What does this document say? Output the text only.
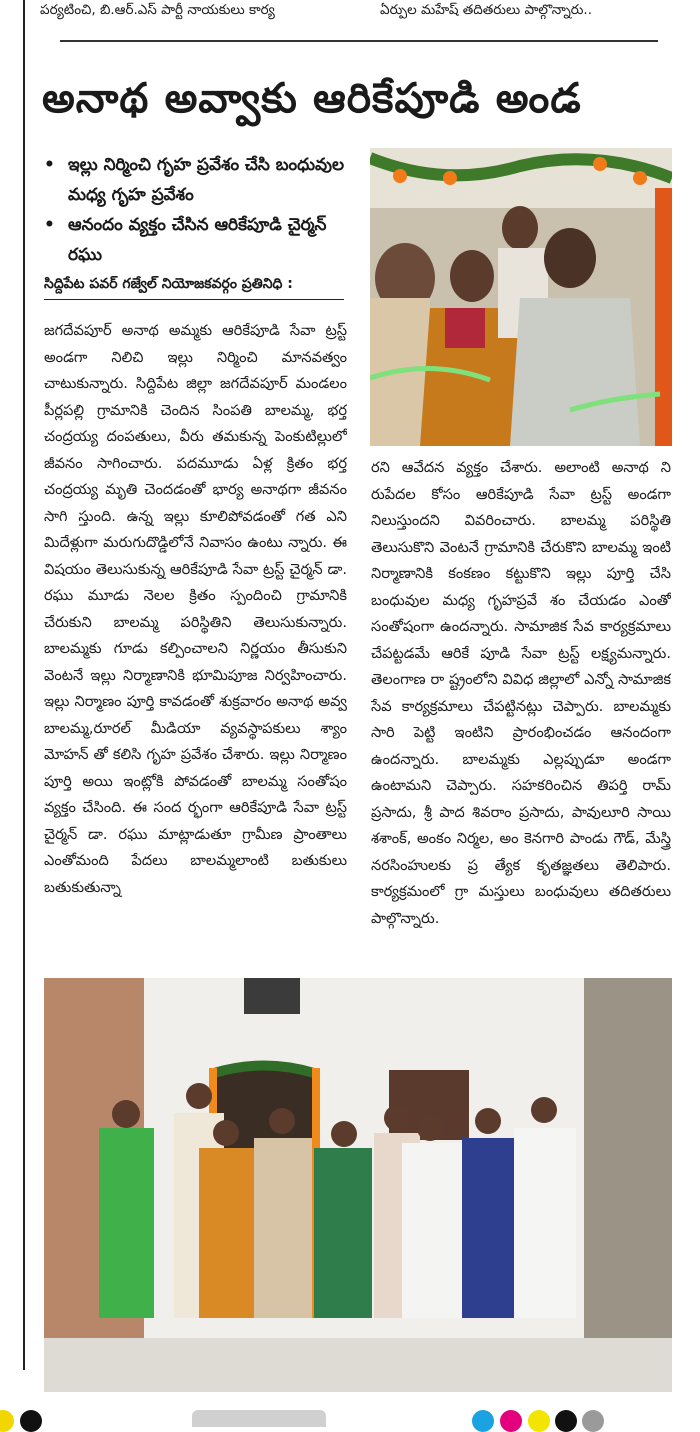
పర్యటించి, బి.ఆర్.ఎస్ పార్టీ నాయకులు కార్య	ఏర్పుల మహేష్ తదితరులు పాల్గొన్నారు..
అనాథ అవ్వాకు ఆరికేపూడి అండ
• ఇల్లు నిర్మించి గృహ ప్రవేశం చేసి బంధువుల మధ్య గృహ ప్రవేశం
• ఆనందం వ్యక్తం చేసిన ఆరికేపూడి చైర్మన్ రఘు
సిద్దిపేట పవర్ గజ్వేల్ నియోజకవర్గం ప్రతినిధి :
జగదేవపూర్ అనాథ అమ్మకు ఆరికేపూడి సేవా ట్రస్ట్ అండగా నిలిచి ఇల్లు నిర్మించి మానవత్వం చాటుకున్నారు. సిద్దిపేట జిల్లా జగదేవపూర్ మండలం పీర్లపల్లి గ్రామానికి చెందిన సింపతి బాలమ్మ, భర్త చంద్రయ్య దంపతులు, వీరు తమకున్న పెంకుటిల్లులో జీవనం సాగించారు. పదమూడు ఏళ్ల క్రితం భర్త చంద్రయ్య మృతి చెందడంతో భార్య అనాథగా జీవనం సాగి స్తుంది. ఉన్న ఇల్లు కూలిపోవడంతో గత ఎని మిదేళ్లుగా మరుగుదొడ్డిలోనే నివాసం ఉంటు న్నారు. ఈ విషయం తెలుసుకున్న ఆరికేపూడి సేవా ట్రస్ట్ చైర్మన్ డా. రఘు మూడు నెలల క్రితం స్పందించి గ్రామానికి చేరుకుని బాలమ్మ పరిస్థితిని తెలుసుకున్నారు. బాలమ్మకు గూడు కల్పించాలని నిర్ణయం తీసుకుని వెంటనే ఇల్లు నిర్మాణానికి భూమిపూజ నిర్వహించారు. ఇల్లు నిర్మాణం పూర్తి కావడంతో శుక్రవారం అనాథ అవ్వ బాలమ్మ,రూరల్ మీడియా వ్యవస్థాపకులు శ్యాం మోహన్ తో కలిసి గృహ ప్రవేశం చేశారు. ఇల్లు నిర్మాణం పూర్తి అయి ఇంట్లోకి పోవడంతో బాలమ్మ సంతోషం వ్యక్తం చేసింది. ఈ సంద ర్భంగా ఆరికేపూడి సేవా ట్రస్ట్ చైర్మన్ డా. రఘు మాట్లాడుతూ గ్రామీణ ప్రాంతాలు ఎంతోమంది పేదలు బాలమ్మలాంటి బతుకులు బతుకుతున్నా
రని ఆవేదన వ్యక్తం చేశారు. అలాంటి అనాథ ని రుపేదల కోసం ఆరికేపూడి సేవా ట్రస్ట్ అండగా నిలుస్తుందని వివరించారు. బాలమ్మ పరిస్థితి తెలుసుకొని వెంటనే గ్రామానికి చేరుకొని బాలమ్మ ఇంటి నిర్మాణానికి కంకణం కట్టుకొని ఇల్లు పూర్తి చేసి బంధువుల మధ్య గృహప్రవే శం చేయడం ఎంతో సంతోషంగా ఉందన్నారు. సామాజిక సేవ కార్యక్రమాలు చేపట్టడమే ఆరికే పూడి సేవా ట్రస్ట్ లక్ష్యమన్నారు. తెలంగాణ రా ష్ట్రంలోని వివిధ జిల్లాలో ఎన్నో సామాజిక సేవ కార్యక్రమాలు చేపట్టినట్లు చెప్పారు. బాలమ్మకు సారి పెట్టి ఇంటిని ప్రారంభించడం ఆనందంగా ఉందన్నారు. బాలమ్మకు ఎల్లప్పుడూ అండగా ఉంటామని చెప్పారు. సహకరించిన తిపర్తి రామ్ ప్రసాదు, శ్రీ పాద శివరాం ప్రసాదు, పావులూరి సాయి శశాంక్, అంకం నిర్మల, అం కెనగారి పాండు గౌడ్, మేస్త్రి నరసింహులకు ప్ర త్యేక కృతజ్ఞతలు తెలిపారు. కార్యక్రమంలో గ్రా మస్తులు బంధువులు తదితరులు పాల్గొన్నారు.
